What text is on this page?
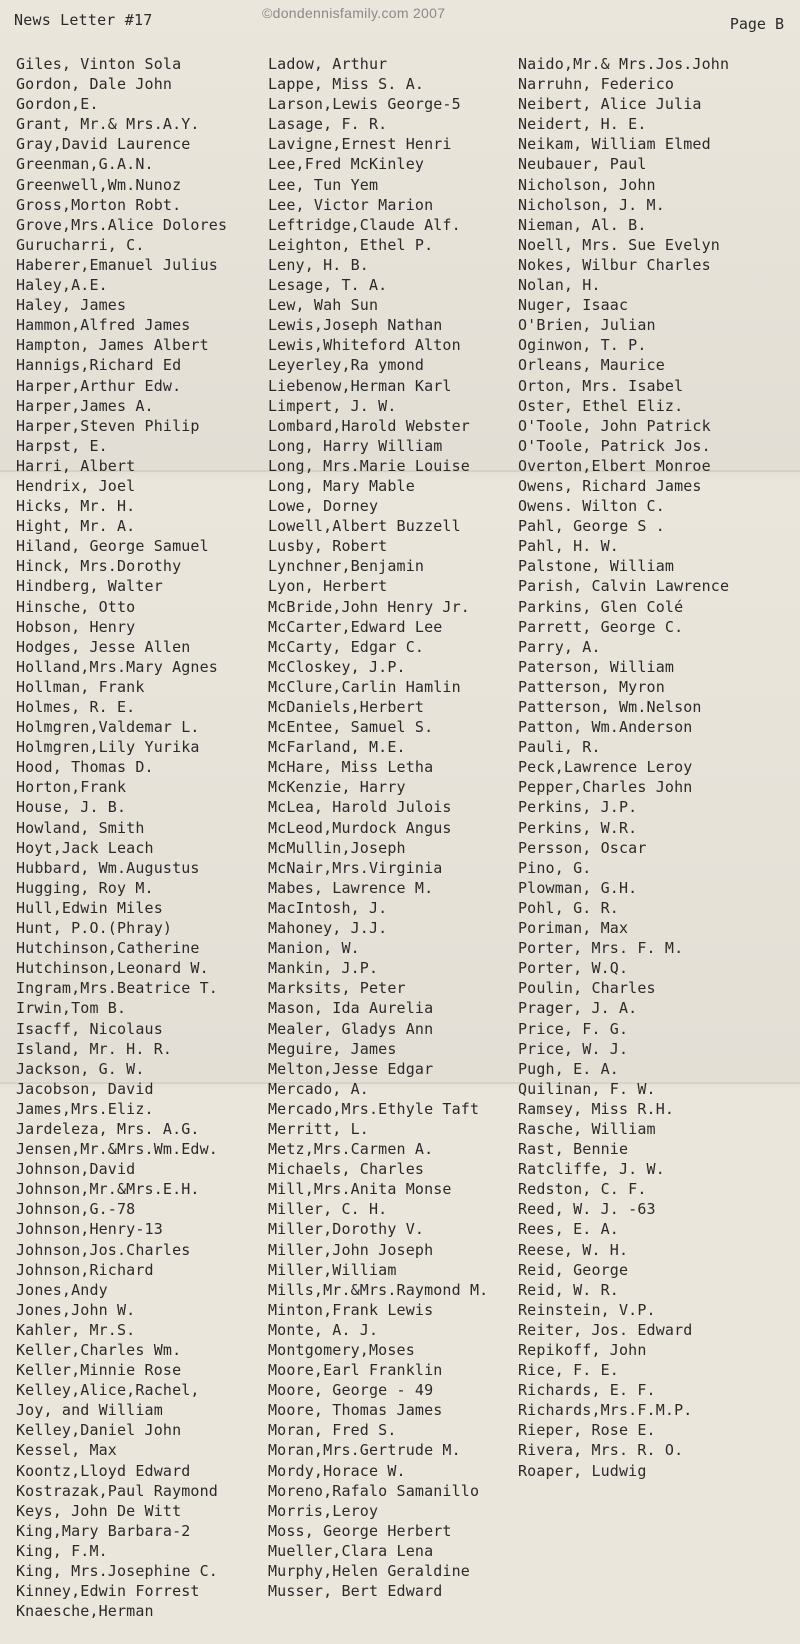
News Letter #17	©dondennisfamily.com 2007
Page B
Giles, Vinton Sola
Gordon, Dale John
Gordon,E.
Grant, Mr.& Mrs.A.Y.
Gray,David Laurence
Greenman,G.A.N.
Greenwell,Wm.Nunoz
Gross,Morton Robt.
Grove,Mrs.Alice Dolores
Gurucharri, C.
Haberer,Emanuel Julius
Haley,A.E.
Haley, James
Hammon,Alfred James
Hampton, James Albert
Hannigs,Richard Ed
Harper,Arthur Edw.
Harper,James A.
Harper,Steven Philip
Harpst, E.
Harri, Albert
Hendrix, Joel
Hicks, Mr. H.
Hight, Mr. A.
Hiland, George Samuel
Hinck, Mrs.Dorothy
Hindberg, Walter
Hinsche, Otto
Hobson, Henry
Hodges, Jesse Allen
Holland,Mrs.Mary Agnes
Hollman, Frank
Holmes, R. E.
Holmgren,Valdemar L.
Holmgren,Lily Yurika
Hood, Thomas D.
Horton,Frank
House, J. B.
Howland, Smith
Hoyt,Jack Leach
Hubbard, Wm.Augustus
Hugging, Roy M.
Hull,Edwin Miles
Hunt, P.O.(Phray)
Hutchinson,Catherine
Hutchinson,Leonard W.
Ingram,Mrs.Beatrice T.
Irwin,Tom B.
Isacff, Nicolaus
Island, Mr. H. R.
Jackson, G. W.
Jacobson, David
James,Mrs.Eliz.
Jardeleza, Mrs. A.G.
Jensen,Mr.&Mrs.Wm.Edw.
Johnson,David
Johnson,Mr.&Mrs.E.H.
Johnson,G.-78
Johnson,Henry-13
Johnson,Jos.Charles
Johnson,Richard
Jones,Andy
Jones,John W.
Kahler, Mr.S.
Keller,Charles Wm.
Keller,Minnie Rose
Kelley,Alice,Rachel,
Joy, and William
Kelley,Daniel John
Kessel, Max
Koontz,Lloyd Edward
Kostrazak,Paul Raymond
Keys, John De Witt
King,Mary Barbara-2
King, F.M.
King, Mrs.Josephine C.
Kinney,Edwin Forrest
Knaesche,Herman
Ladow, Arthur
Lappe, Miss S. A.
Larson,Lewis George-5
Lasage, F. R.
Lavigne,Ernest Henri
Lee,Fred McKinley
Lee, Tun Yem
Lee, Victor Marion
Leftridge,Claude Alf.
Leighton, Ethel P.
Leny, H. B.
Lesage, T. A.
Lew, Wah Sun
Lewis,Joseph Nathan
Lewis,Whiteford Alton
Leyerley,Ra ymond
Liebenow,Herman Karl
Limpert, J. W.
Lombard,Harold Webster
Long, Harry William
Long, Mrs.Marie Louise
Long, Mary Mable
Lowe, Dorney
Lowell,Albert Buzzell
Lusby, Robert
Lynchner,Benjamin
Lyon, Herbert
McBride,John Henry Jr.
McCarter,Edward Lee
McCarty, Edgar C.
McCloskey, J.P.
McClure,Carlin Hamlin
McDaniels,Herbert
McEntee, Samuel S.
McFarland, M.E.
McHare, Miss Letha
McKenzie, Harry
McLea, Harold Julois
McLeod,Murdock Angus
McMullin,Joseph
McNair,Mrs.Virginia
Mabes, Lawrence M.
MacIntosh, J.
Mahoney, J.J.
Manion, W.
Mankin, J.P.
Marksits, Peter
Mason, Ida Aurelia
Mealer, Gladys Ann
Meguire, James
Melton,Jesse Edgar
Mercado, A.
Mercado,Mrs.Ethyle Taft
Merritt, L.
Metz,Mrs.Carmen A.
Michaels, Charles
Mill,Mrs.Anita Monse
Miller, C. H.
Miller,Dorothy V.
Miller,John Joseph
Miller,William
Mills,Mr.&Mrs.Raymond M.
Minton,Frank Lewis
Monte, A. J.
Montgomery,Moses
Moore,Earl Franklin
Moore, George - 49
Moore, Thomas James
Moran, Fred S.
Moran,Mrs.Gertrude M.
Mordy,Horace W.
Moreno,Rafalo Samanillo
Morris,Leroy
Moss, George Herbert
Mueller,Clara Lena
Murphy,Helen Geraldine
Musser, Bert Edward
Naido,Mr.& Mrs.Jos.John
Narruhn, Federico
Neibert, Alice Julia
Neidert, H. E.
Neikam, William Elmed
Neubauer, Paul
Nicholson, John
Nicholson, J. M.
Nieman, Al. B.
Noell, Mrs. Sue Evelyn
Nokes, Wilbur Charles
Nolan, H.
Nuger, Isaac
O'Brien, Julian
Oginwon, T. P.
Orleans, Maurice
Orton, Mrs. Isabel
Oster, Ethel Eliz.
O'Toole, John Patrick
O'Toole, Patrick Jos.
Overton,Elbert Monroe
Owens, Richard James
Owens. Wilton C.
Pahl, George S .
Pahl, H. W.
Palstone, William
Parish, Calvin Lawrence
Parkins, Glen Colé
Parrett, George C.
Parry, A.
Paterson, William
Patterson, Myron
Patterson, Wm.Nelson
Patton, Wm.Anderson
Pauli, R.
Peck,Lawrence Leroy
Pepper,Charles John
Perkins, J.P.
Perkins, W.R.
Persson, Oscar
Pino, G.
Plowman, G.H.
Pohl, G. R.
Poriman, Max
Porter, Mrs. F. M.
Porter, W.Q.
Poulin, Charles
Prager, J. A.
Price, F. G.
Price, W. J.
Pugh, E. A.
Quilinan, F. W.
Ramsey, Miss R.H.
Rasche, William
Rast, Bennie
Ratcliffe, J. W.
Redston, C. F.
Reed, W. J. -63
Rees, E. A.
Reese, W. H.
Reid, George
Reid, W. R.
Reinstein, V.P.
Reiter, Jos. Edward
Repikoff, John
Rice, F. E.
Richards, E. F.
Richards,Mrs.F.M.P.
Rieper, Rose E.
Rivera, Mrs. R. O.
Roaper, Ludwig
